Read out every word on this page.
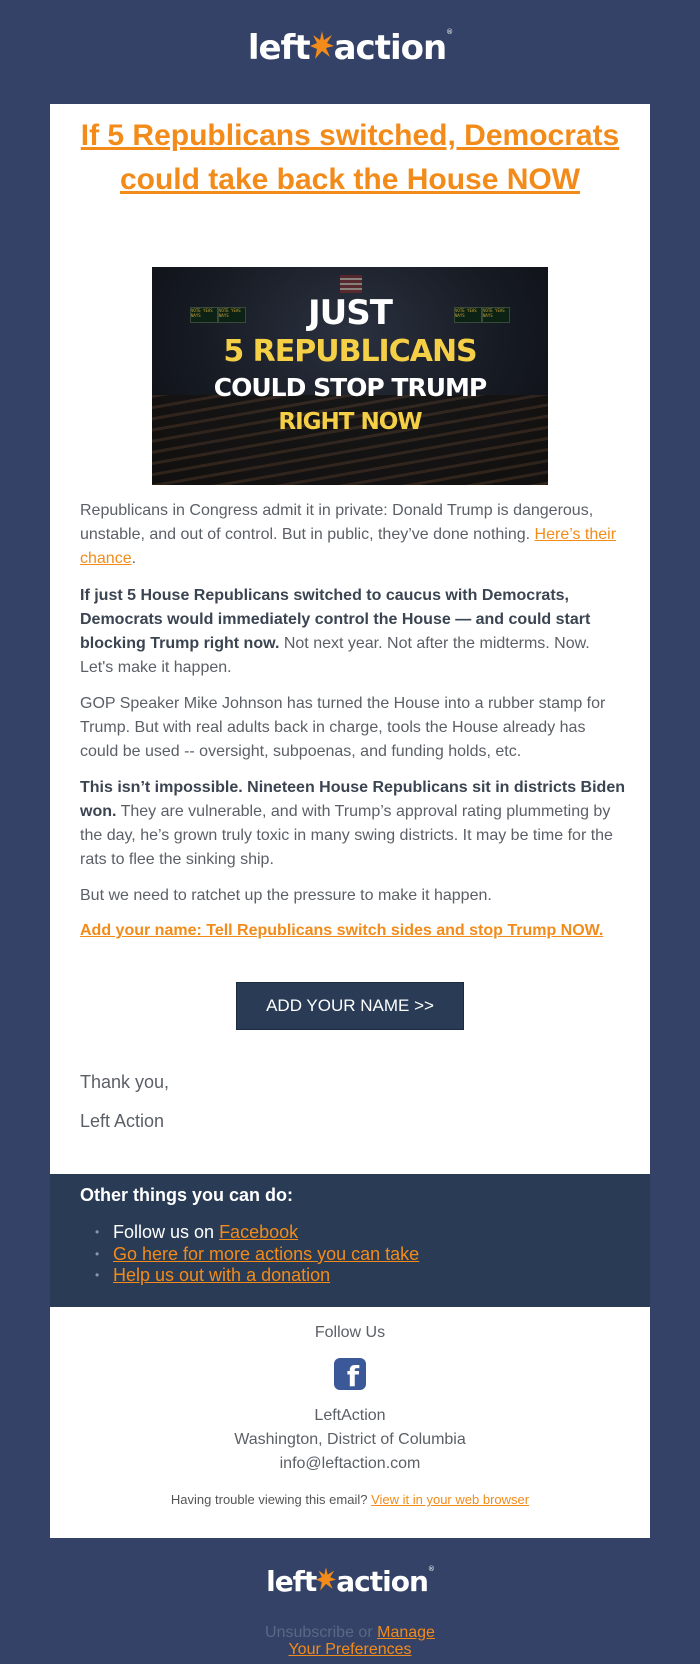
left action®
If 5 Republicans switched, Democrats could take back the House NOW
VOTE YEAS NAYS
VOTE YEAS NAYS
VOTE YEAS NAYS
VOTE YEAS NAYS
JUST
5 REPUBLICANS
COULD STOP TRUMP
RIGHT NOW

Republicans in Congress admit it in private: Donald Trump is dangerous, unstable, and out of control. But in public, they’ve done nothing. Here’s their chance.

If just 5 House Republicans switched to caucus with Democrats, Democrats would immediately control the House — and could start blocking Trump right now. Not next year. Not after the midterms. Now. Let's make it happen.

GOP Speaker Mike Johnson has turned the House into a rubber stamp for Trump. But with real adults back in charge, tools the House already has could be used -- oversight, subpoenas, and funding holds, etc.

This isn’t impossible. Nineteen House Republicans sit in districts Biden won. They are vulnerable, and with Trump’s approval rating plummeting by the day, he’s grown truly toxic in many swing districts. It may be time for the rats to flee the sinking ship.

But we need to ratchet up the pressure to make it happen.

Add your name: Tell Republicans switch sides and stop Trump NOW.
ADD YOUR NAME >>
Thank you,
Left Action
Other things you can do:
• Follow us on Facebook
• Go here for more actions you can take
• Help us out with a donation
Follow Us
f
LeftAction
Washington, District of Columbia
info@leftaction.com
Having trouble viewing this email? View it in your web browser
left action®
Unsubscribe or Manage
Your Preferences
